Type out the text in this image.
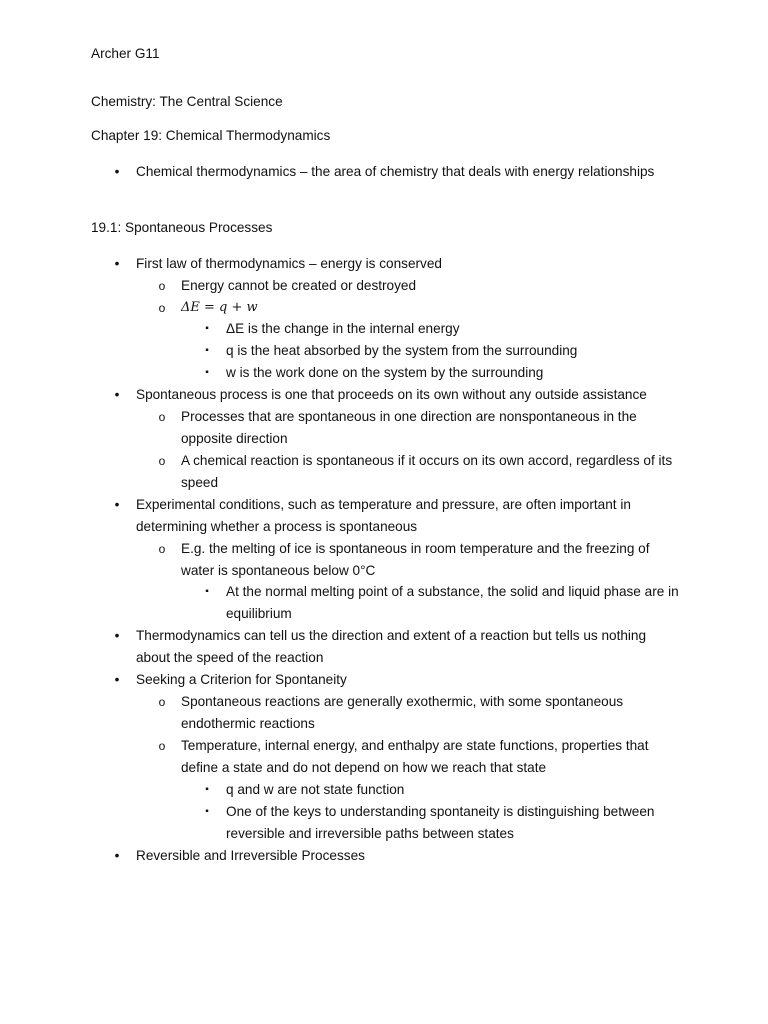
Archer G11
Chemistry: The Central Science
Chapter 19: Chemical Thermodynamics
• Chemical thermodynamics – the area of chemistry that deals with energy relationships
19.1: Spontaneous Processes
• First law of thermodynamics – energy is conserved
o Energy cannot be created or destroyed
o ΔE = q + w
▪	ΔE is the change in the internal energy
▪	q is the heat absorbed by the system from the surrounding
▪	w is the work done on the system by the surrounding
• Spontaneous process is one that proceeds on its own without any outside assistance
o Processes that are spontaneous in one direction are nonspontaneous in the opposite direction
o A chemical reaction is spontaneous if it occurs on its own accord, regardless of its speed
• Experimental conditions, such as temperature and pressure, are often important in determining whether a process is spontaneous
o E.g. the melting of ice is spontaneous in room temperature and the freezing of water is spontaneous below 0°C
▪	At the normal melting point of a substance, the solid and liquid phase are in equilibrium
• Thermodynamics can tell us the direction and extent of a reaction but tells us nothing about the speed of the reaction
• Seeking a Criterion for Spontaneity
o Spontaneous reactions are generally exothermic, with some spontaneous endothermic reactions
o Temperature, internal energy, and enthalpy are state functions, properties that define a state and do not depend on how we reach that state
▪	q and w are not state function
▪	One of the keys to understanding spontaneity is distinguishing between reversible and irreversible paths between states
• Reversible and Irreversible Processes
